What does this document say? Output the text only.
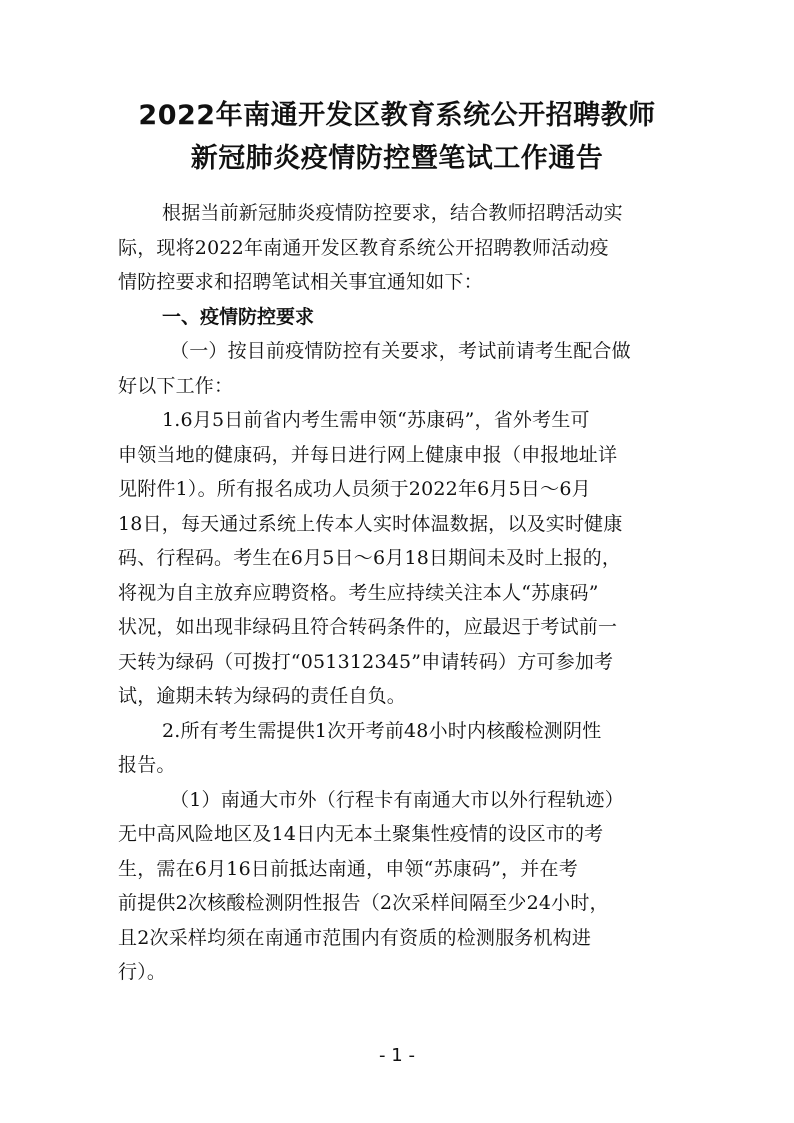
2022年南通开发区教育系统公开招聘教师
新冠肺炎疫情防控暨笔试工作通告

根据当前新冠肺炎疫情防控要求，结合教师招聘活动实
际，现将2022年南通开发区教育系统公开招聘教师活动疫
情防控要求和招聘笔试相关事宜通知如下：

一、疫情防控要求

（一）按目前疫情防控有关要求，考试前请考生配合做
好以下工作：

1.6月5日前省内考生需申领“苏康码”，省外考生可
申领当地的健康码，并每日进行网上健康申报（申报地址详
见附件1）。所有报名成功人员须于2022年6月5日～6月
18日，每天通过系统上传本人实时体温数据，以及实时健康
码、行程码。考生在6月5日～6月18日期间未及时上报的，
将视为自主放弃应聘资格。考生应持续关注本人“苏康码”
状况，如出现非绿码且符合转码条件的，应最迟于考试前一
天转为绿码（可拨打“051312345”申请转码）方可参加考
试，逾期未转为绿码的责任自负。

2.所有考生需提供1次开考前48小时内核酸检测阴性
报告。

（1）南通大市外（行程卡有南通大市以外行程轨迹）
无中高风险地区及14日内无本土聚集性疫情的设区市的考
生，需在6月16日前抵达南通，申领“苏康码”，并在考
前提供2次核酸检测阴性报告（2次采样间隔至少24小时，
且2次采样均须在南通市范围内有资质的检测服务机构进
行）。

- 1 -
